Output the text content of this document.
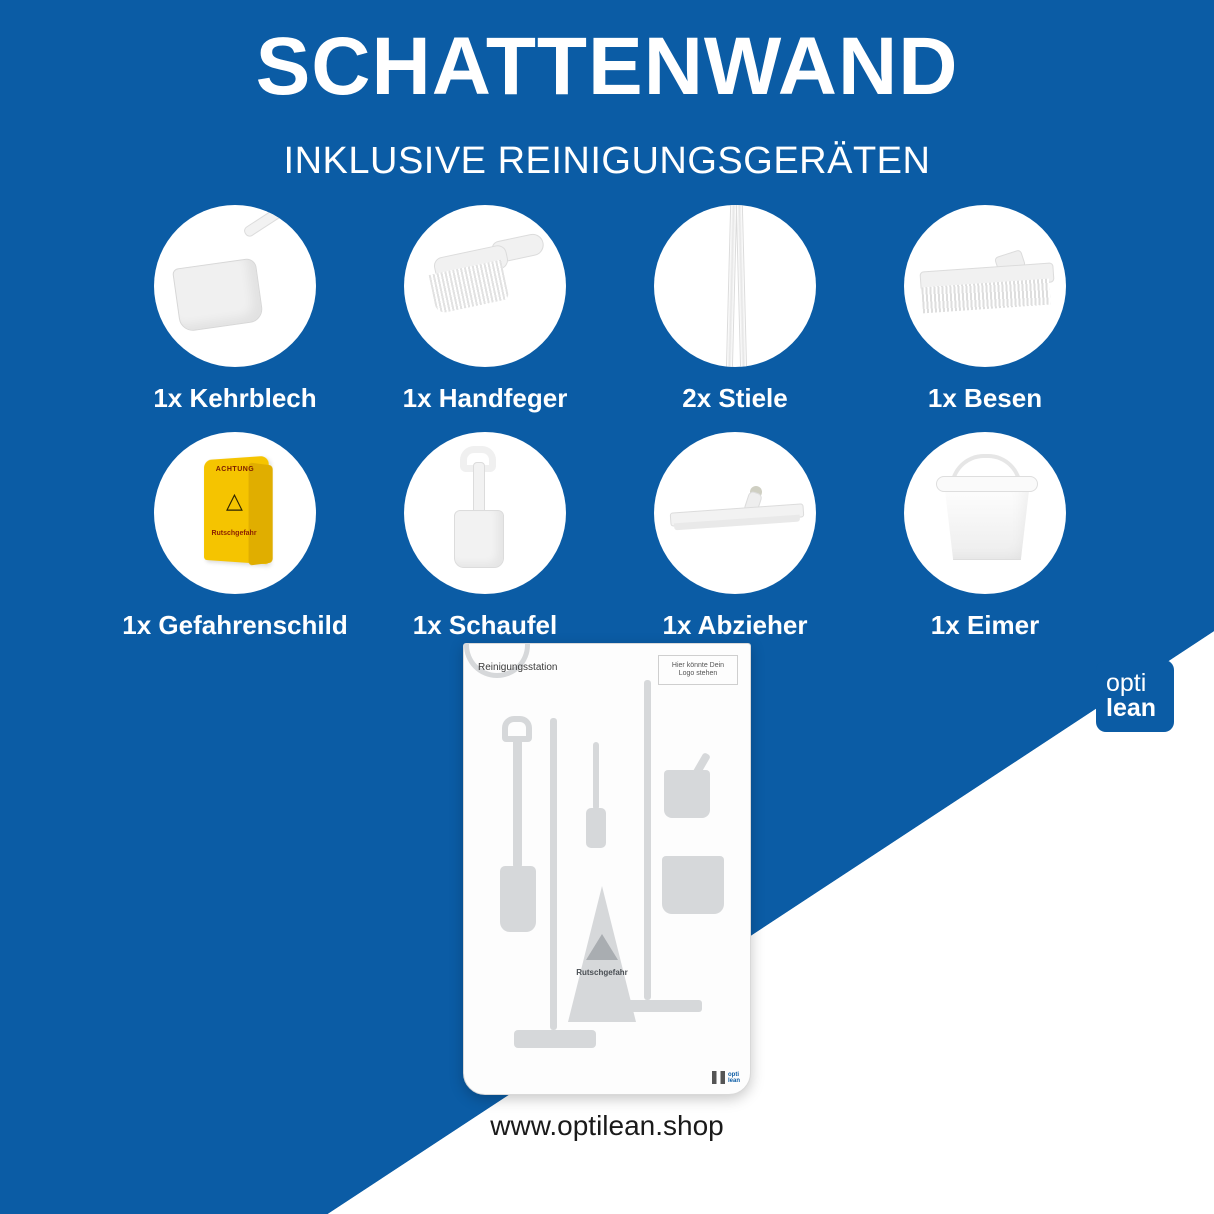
SCHATTENWAND
INKLUSIVE REINIGUNGSGERÄTEN
1x Kehrblech	1x Handfeger	2x Stiele	1x Besen
ACHTUNG
△
Rutschgefahr
1x Gefahrenschild	1x Schaufel	1x Abzieher	1x Eimer
Reinigungsstation	Hier könnte Dein
Logo stehen
Rutschgefahr
opti
lean
www.optilean.shop
opti
lean
